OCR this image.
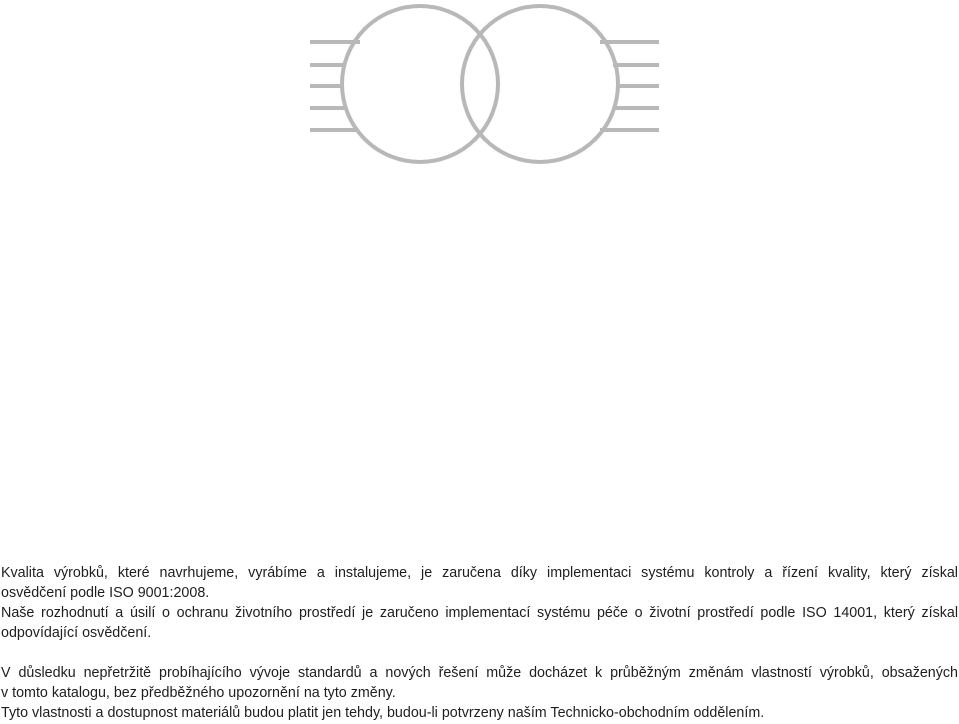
Kvalita výrobků, které navrhujeme, vyrábíme a instalujeme, je zaručena díky implementaci systému kontroly a řízení kvality, který získal
osvědčení podle ISO 9001:2008.
Naše rozhodnutí a úsilí o ochranu životního prostředí je zaručeno implementací systému péče o životní prostředí podle ISO 14001, který získal
odpovídající osvědčení.
V důsledku nepřetržitě probíhajícího vývoje standardů a nových řešení může docházet k průběžným změnám vlastností výrobků, obsažených
v tomto katalogu, bez předběžného upozornění na tyto změny.
Tyto vlastnosti a dostupnost materiálů budou platit jen tehdy, budou-li potvrzeny naším Technicko-obchodním oddělením.
